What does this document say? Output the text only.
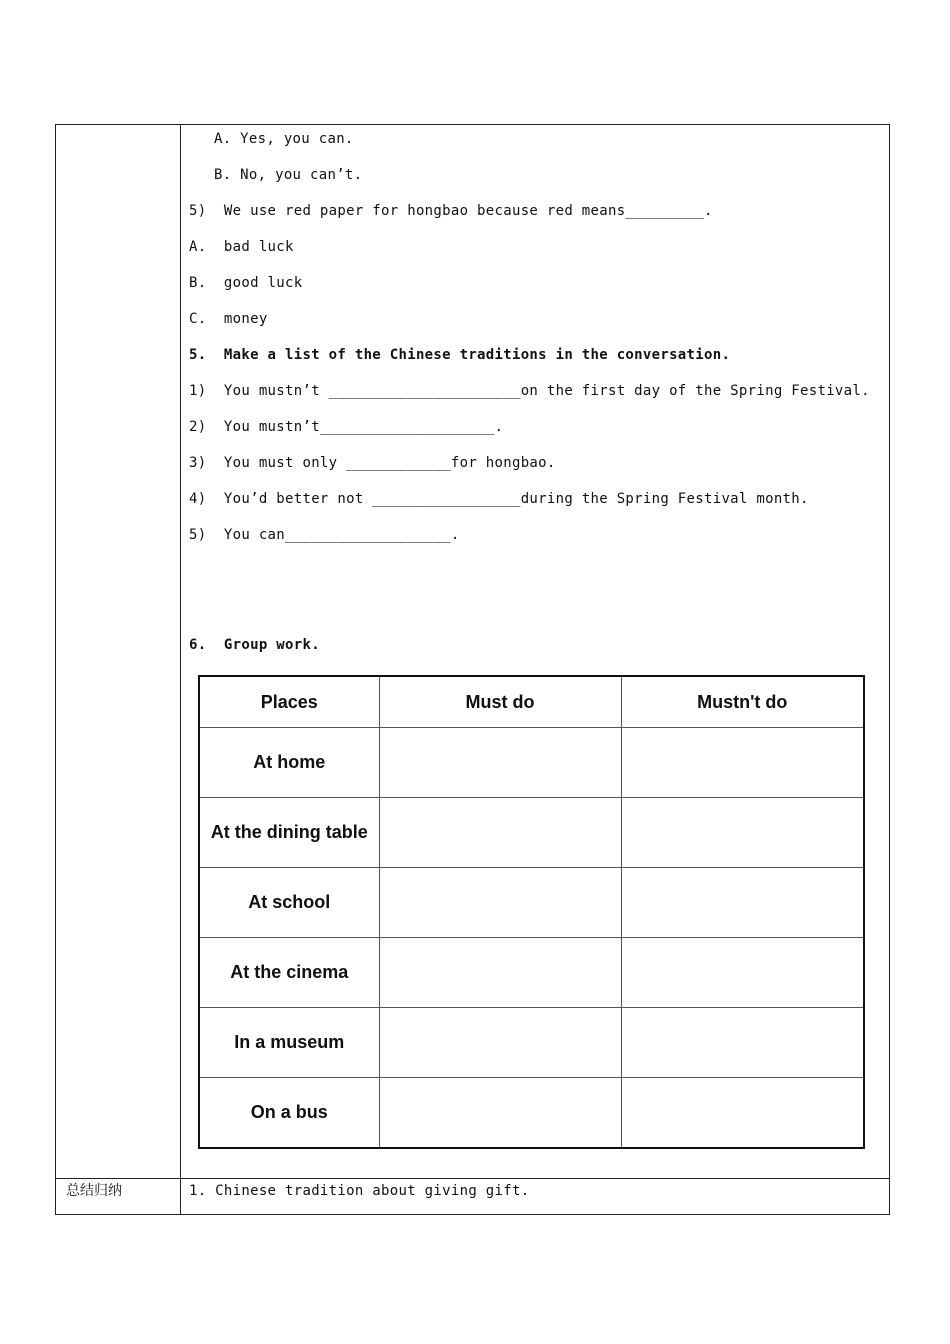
A. Yes, you can.
B. No, you can’t.
5)  We use red paper for hongbao because red means_________.
A.  bad luck
B.  good luck
C.  money
5.  Make a list of the Chinese traditions in the conversation.
1)  You mustn’t ______________________on the first day of the Spring Festival.
2)  You mustn’t____________________.
3)  You must only ____________for hongbao.
4)  You’d better not _________________during the Spring Festival month.
5)  You can___________________.
6.  Group work.
总结归纳	1. Chinese tradition about giving gift.
Places	Must do	Mustn't do
At home		
At the dining table		
At school		
At the cinema		
In a museum		
On a bus		
